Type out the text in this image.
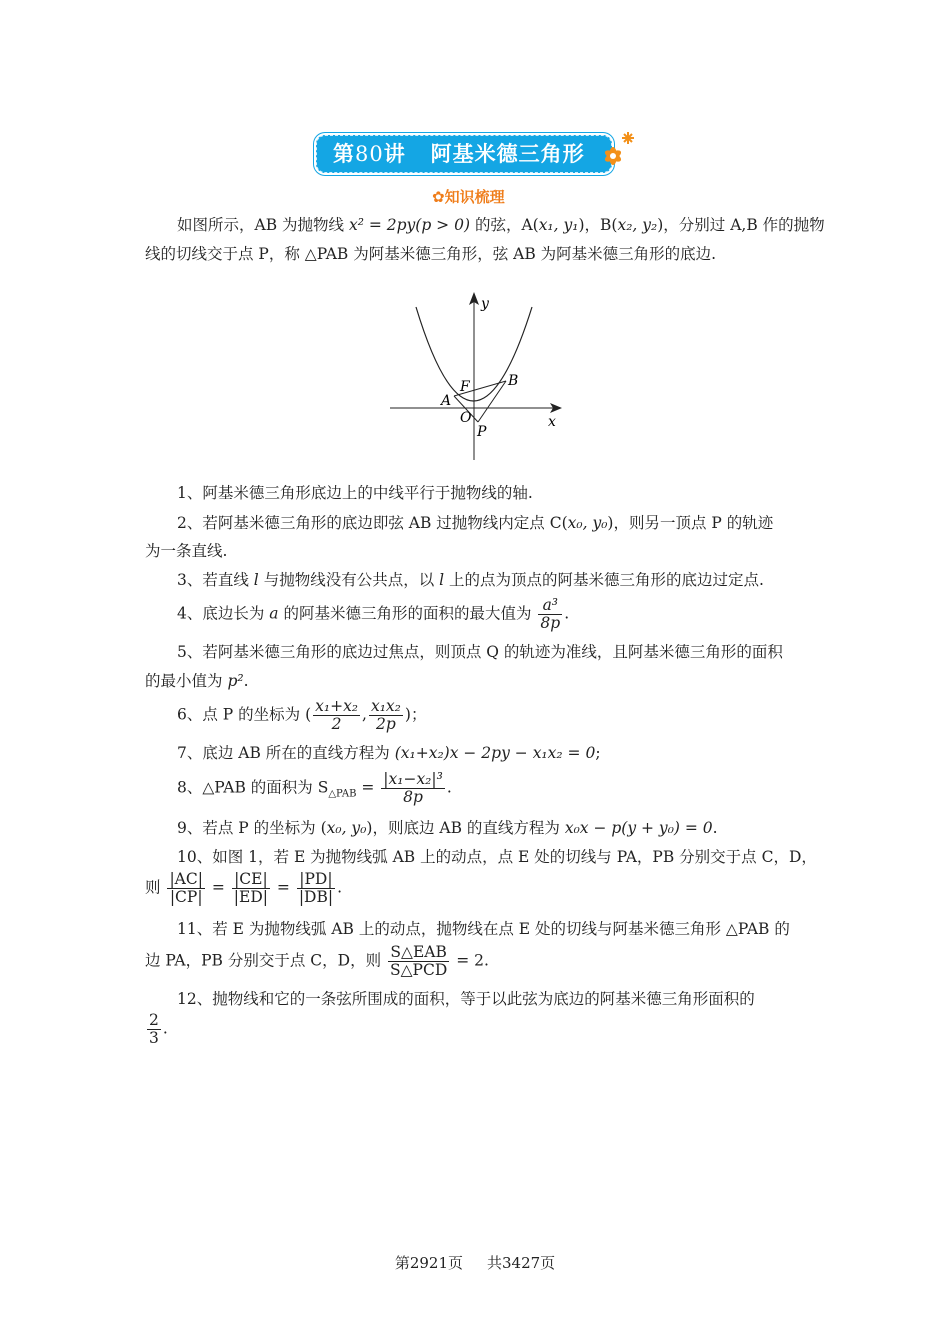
第80讲 阿基米德三角形
✿知识梳理
如图所示，AB 为抛物线 x² = 2py(p > 0) 的弦，A(x₁, y₁)，B(x₂, y₂)，分别过 A,B 作的抛物
线的切线交于点 P，称 △PAB 为阿基米德三角形，弦 AB 为阿基米德三角形的底边.
y
x
F	B
A
O
P
1、阿基米德三角形底边上的中线平行于抛物线的轴.
2、若阿基米德三角形的底边即弦 AB 过抛物线内定点 C(x₀, y₀)，则另一顶点 P 的轨迹
为一条直线.
3、若直线 l 与抛物线没有公共点，以 l 上的点为顶点的阿基米德三角形的底边过定点.
4、底边长为 a 的阿基米德三角形的面积的最大值为 $\frac{\text{a³}}{8p}$ .
5、若阿基米德三角形的底边过焦点，则顶点 Q 的轨迹为准线，且阿基米德三角形的面积
的最小值为 p².
6、点 P 的坐标为 ( $\frac{\text{x₁+x₂}}{2}$ , $\frac{\text{x₁x₂}}{2p}$ )；
7、底边 AB 所在的直线方程为 (x₁+x₂)x − 2py − x₁x₂ = 0;
8、△PAB 的面积为 $S_{\triangle PAB} = \frac{\text{|x₁−x₂|³}}{8p}$ .
9、若点 P 的坐标为 (x₀, y₀)，则底边 AB 的直线方程为 x₀x − p(y + y₀) = 0.
10、如图 1，若 E 为抛物线弧 AB 上的动点，点 E 处的切线与 PA，PB 分别交于点 C，D，
则 $\frac{|AC|}{|CP|} = \frac{|CE|}{|ED|} = \frac{|PD|}{|DB|}$ .
11、若 E 为抛物线弧 AB 上的动点，抛物线在点 E 处的切线与阿基米德三角形 △PAB 的
边 PA，PB 分别交于点 C，D，则 $\frac{\text{S△EAB}}{\text{S△PCD}} = 2$.
12、抛物线和它的一条弦所围成的面积，等于以此弦为底边的阿基米德三角形面积的
$\frac{2}{3}$ .
第2921页 共3427页
